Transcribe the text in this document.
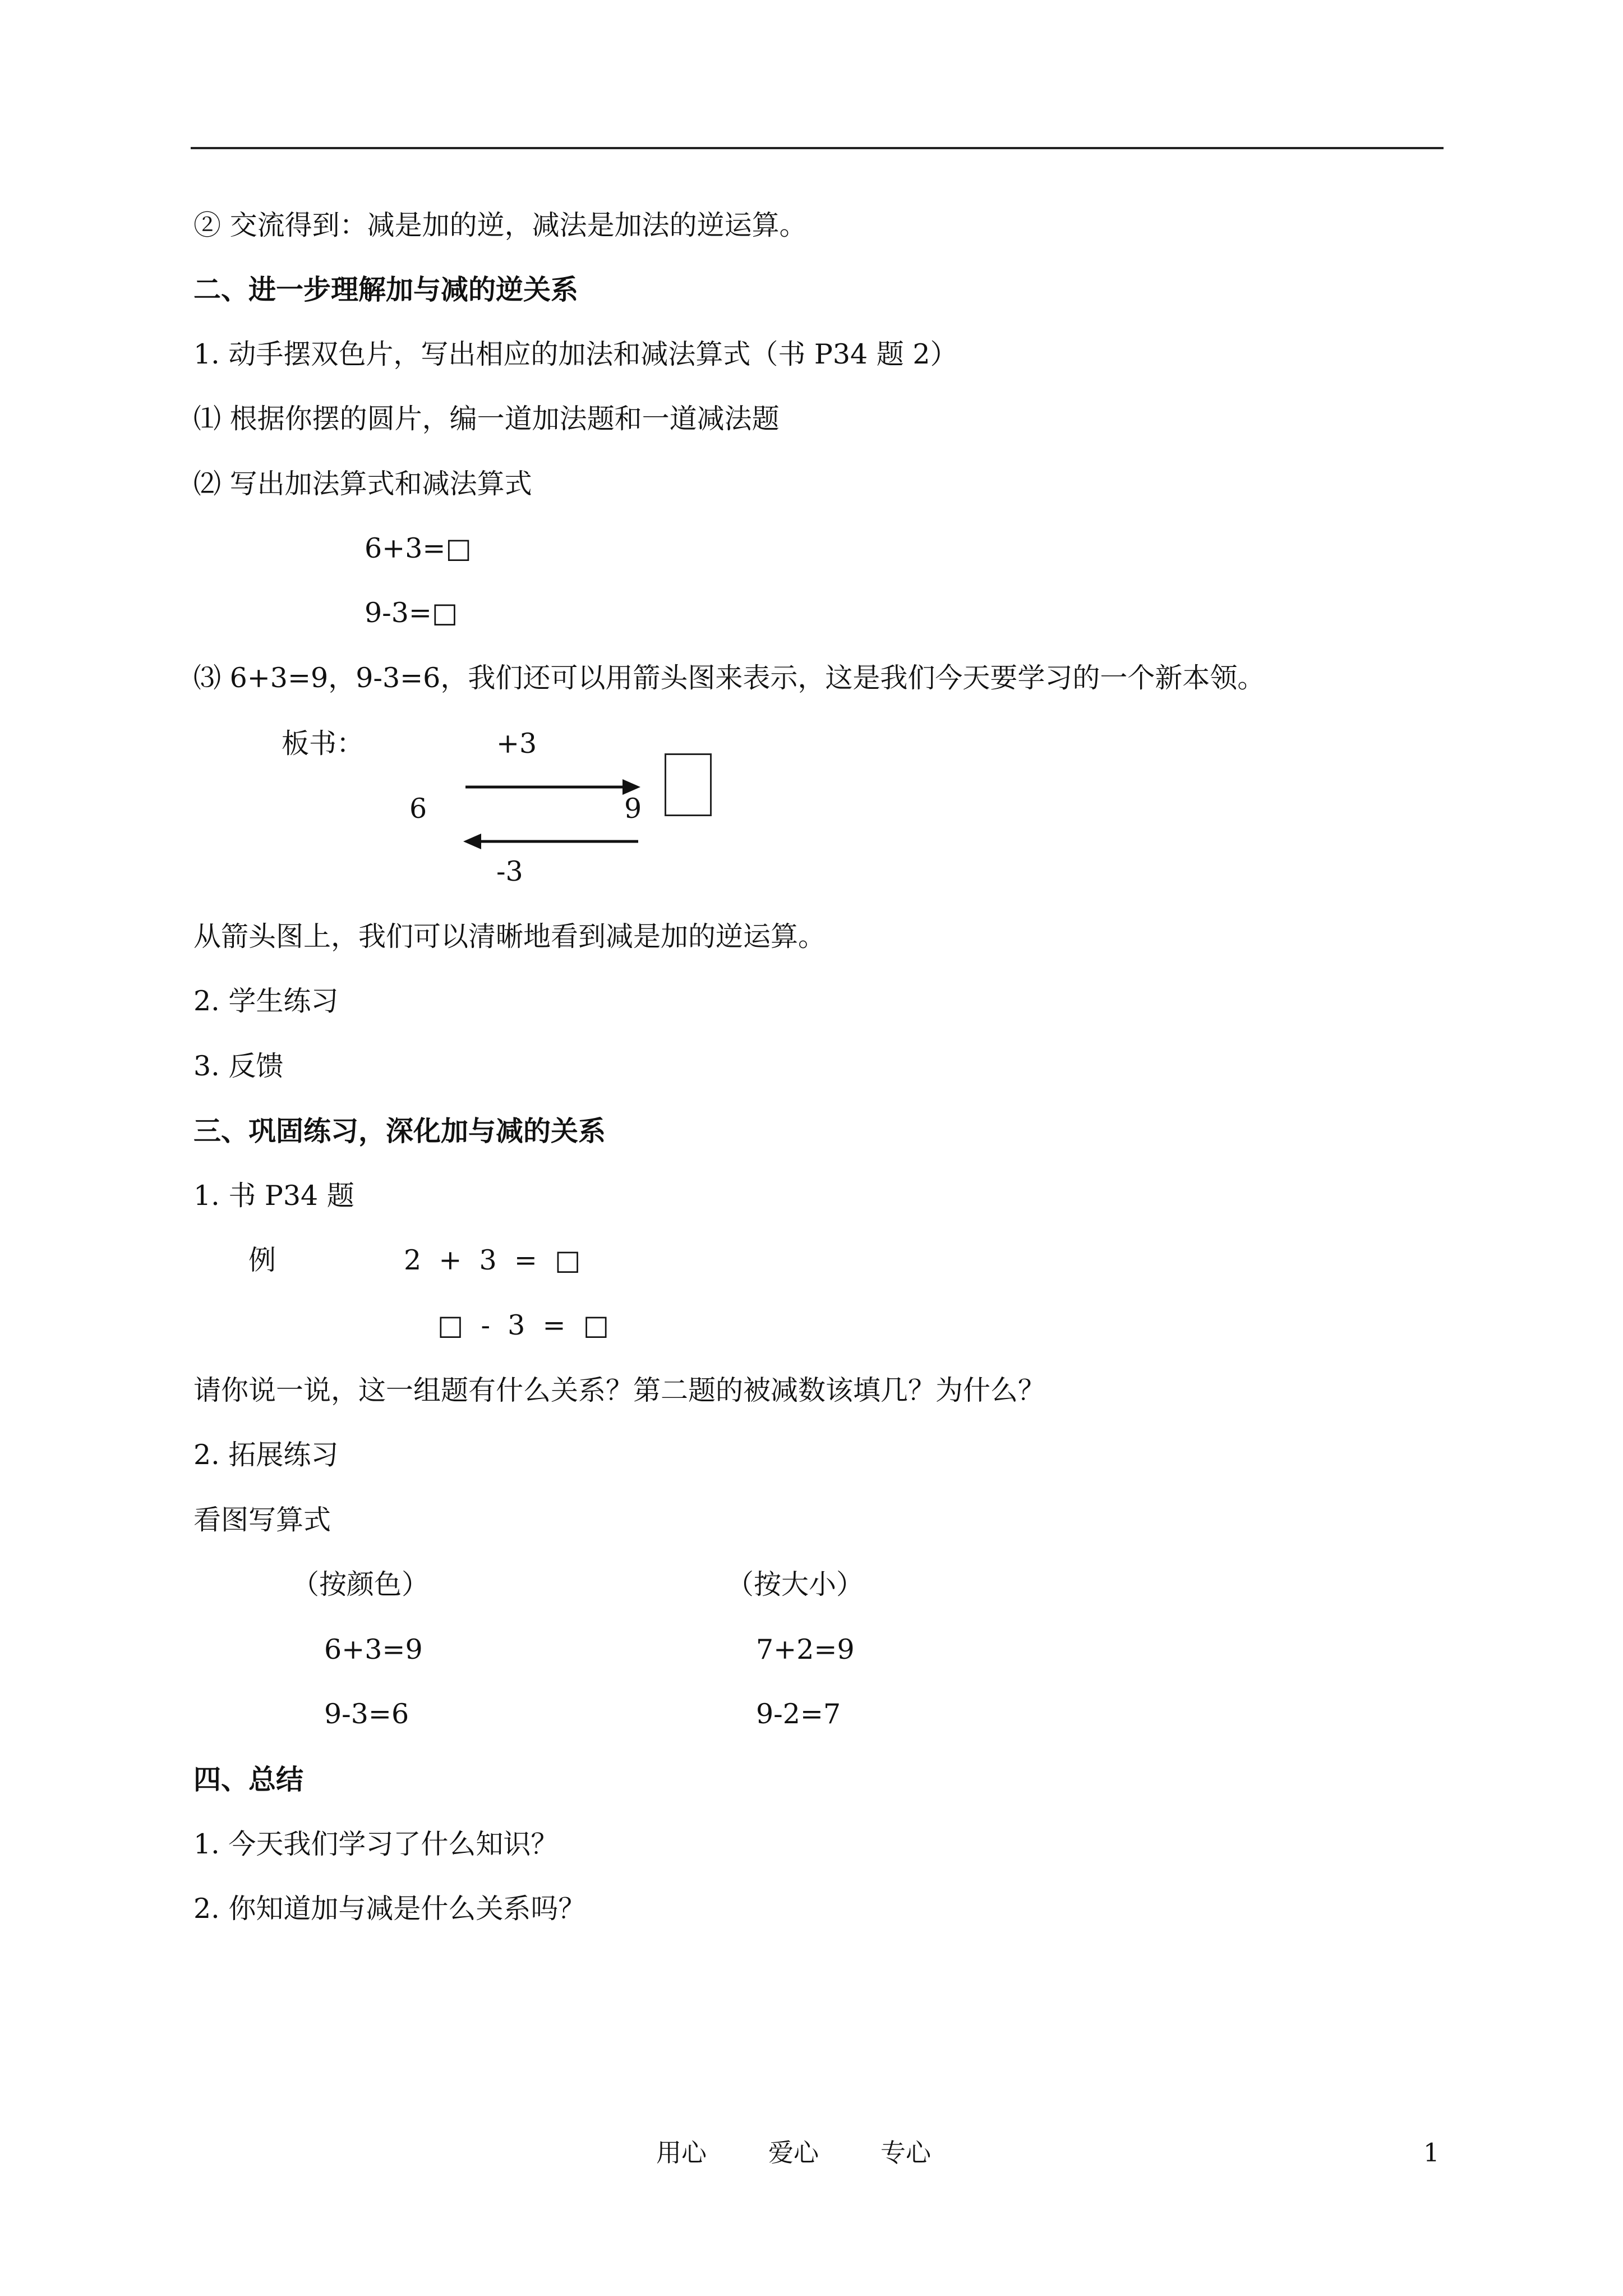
② 交流得到：减是加的逆，减法是加法的逆运算。
二、进一步理解加与减的逆关系
1. 动手摆双色片，写出相应的加法和减法算式（书 P34 题 2）
⑴ 根据你摆的圆片，编一道加法题和一道减法题
⑵ 写出加法算式和减法算式
6+3=□
9-3=□
⑶ 6+3=9，9-3=6，我们还可以用箭头图来表示，这是我们今天要学习的一个新本领。
板书：	+3
6	9
-3
从箭头图上，我们可以清晰地看到减是加的逆运算。
2. 学生练习
3. 反馈
三、巩固练习，深化加与减的关系
1. 书 P34 题
例	2  +  3  =  □
□  -  3  =  □
请你说一说，这一组题有什么关系？第二题的被减数该填几？为什么？
2. 拓展练习
看图写算式
（按颜色）	（按大小）
6+3=9	7+2=9
9-3=6	9-2=7
四、总结
1. 今天我们学习了什么知识？
2. 你知道加与减是什么关系吗？
用心 爱心 专心	1
